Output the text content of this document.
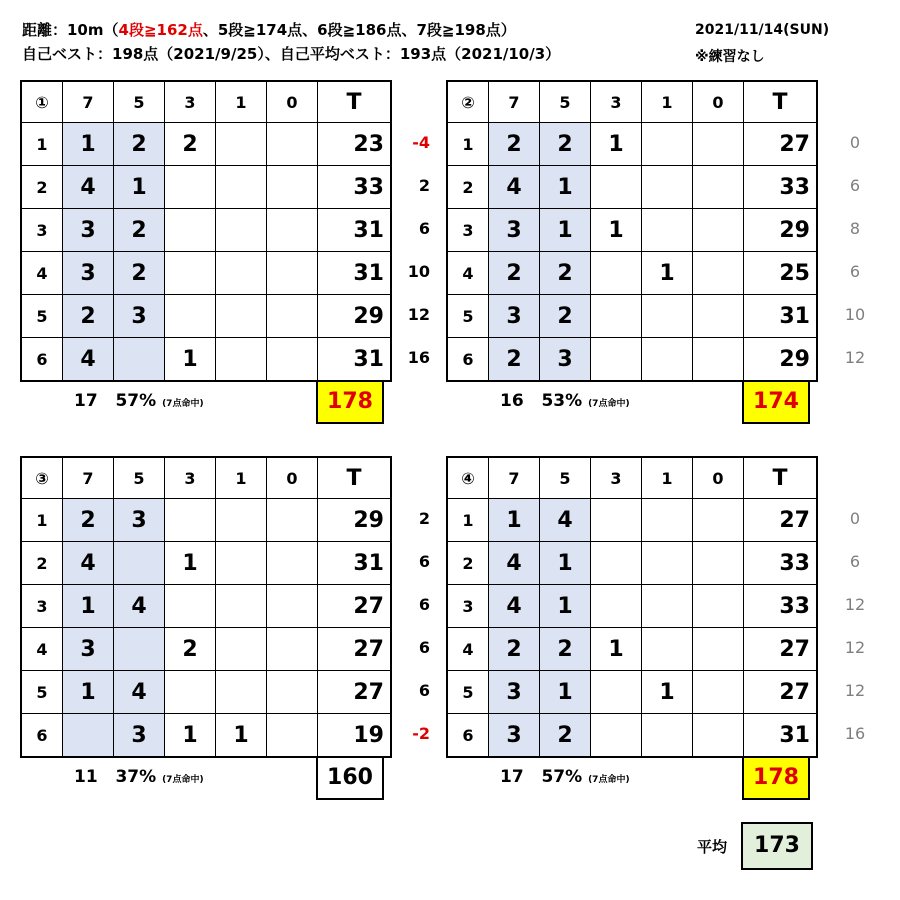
距離：10m（4段≧162点、5段≧174点、6段≧186点、7段≧198点）
自己ベスト：198点（2021/9/25）、自己平均ベスト：193点（2021/10/3）
2021/11/14(SUN)
※練習なし
①	7	5	3	1	0	T
1	1	2	2			23
2	4	1				33
3	3	2				31
4	3	2				31
5	2	3				29
6	4		1			31
-4
2
6
10
12
16
17 57% (7点命中)	178
②	7	5	3	1	0	T
1	2	2	1			27
2	4	1				33
3	3	1	1			29
4	2	2		1		25
5	3	2				31
6	2	3				29
0
6
8
6
10
12
16 53% (7点命中)	174
③	7	5	3	1	0	T
1	2	3				29
2	4		1			31
3	1	4				27
4	3		2			27
5	1	4				27
6		3	1	1		19
2
6
6
6
6
-2
11 37% (7点命中)	160
④	7	5	3	1	0	T
1	1	4				27
2	4	1				33
3	4	1				33
4	2	2	1			27
5	3	1		1		27
6	3	2				31
0
6
12
12
12
16
17 57% (7点命中)	178
平均	173
